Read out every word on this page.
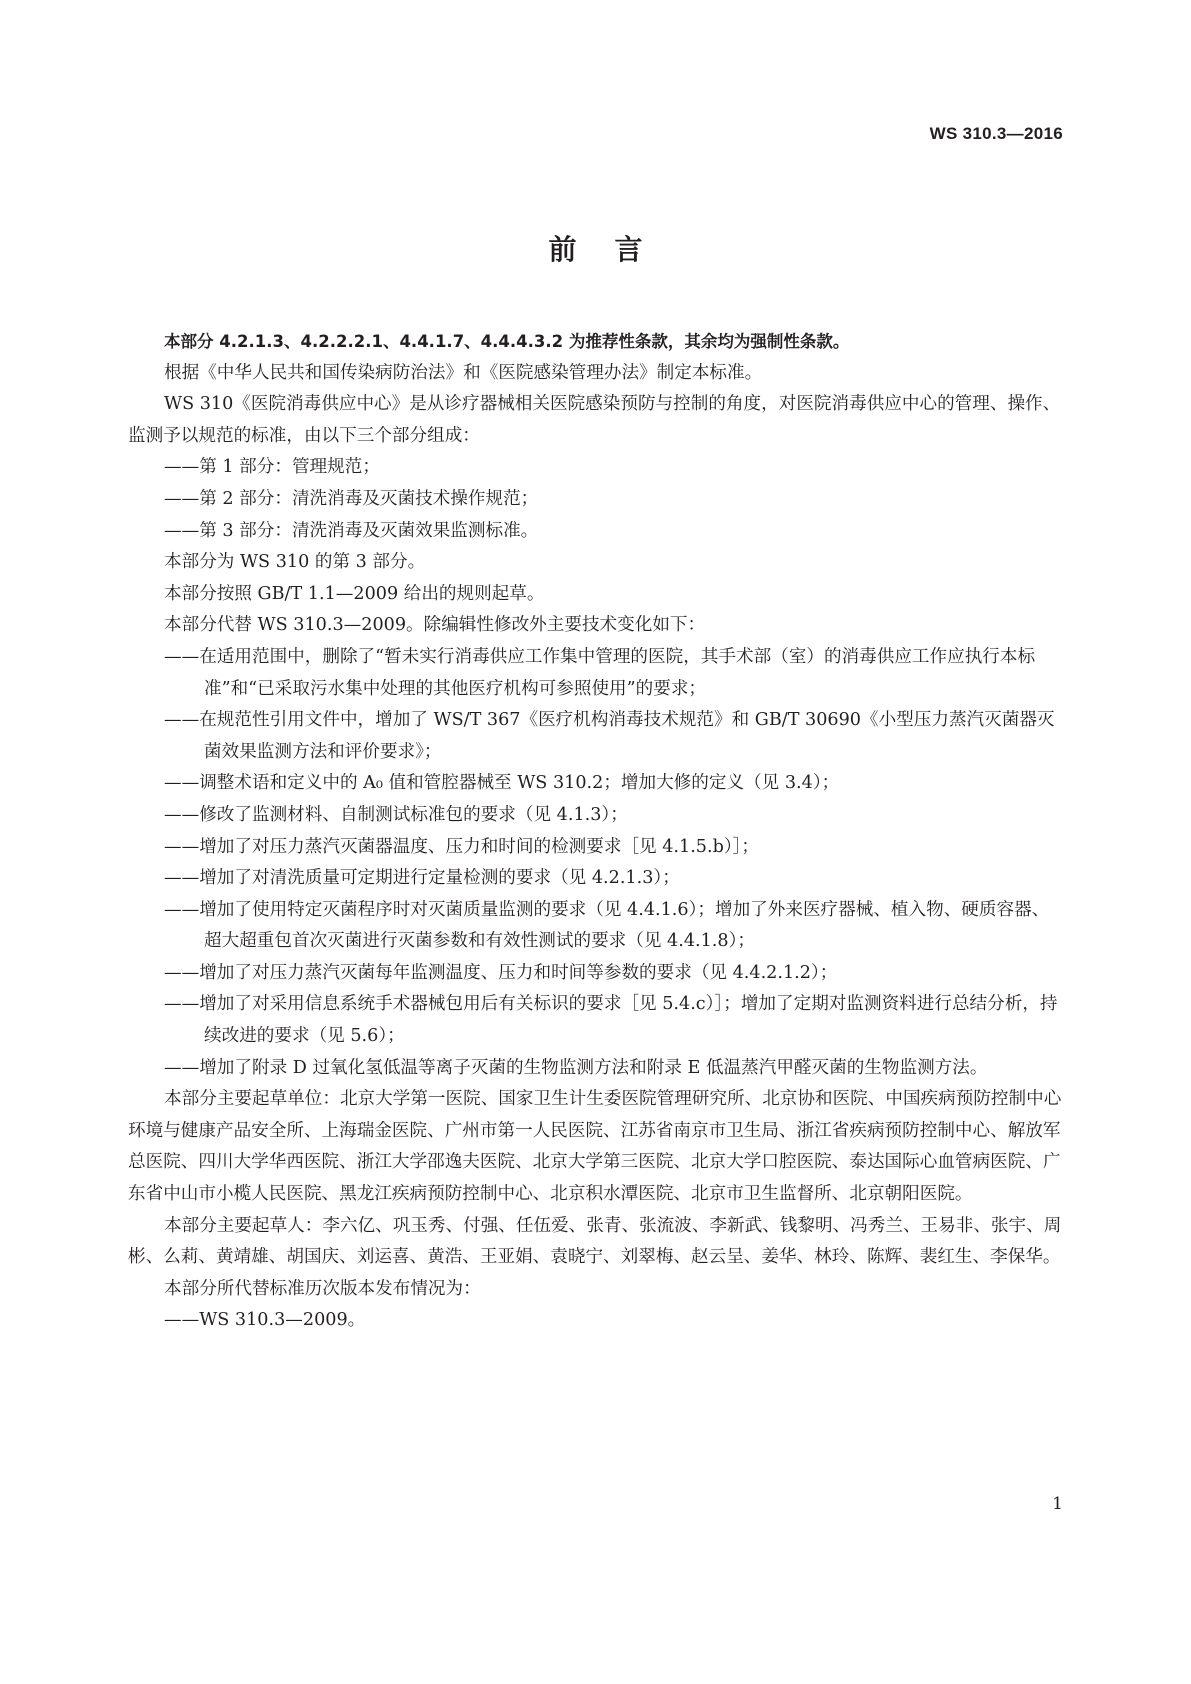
WS 310.3—2016
前言

本部分 4.2.1.3、4.2.2.2.1、4.4.1.7、4.4.4.3.2 为推荐性条款，其余均为强制性条款。

根据《中华人民共和国传染病防治法》和《医院感染管理办法》制定本标准。

WS 310《医院消毒供应中心》是从诊疗器械相关医院感染预防与控制的角度，对医院消毒供应中心的管理、操作、监测予以规范的标准，由以下三个部分组成：

——第 1 部分：管理规范；

——第 2 部分：清洗消毒及灭菌技术操作规范；

——第 3 部分：清洗消毒及灭菌效果监测标准。

本部分为 WS 310 的第 3 部分。

本部分按照 GB/T 1.1—2009 给出的规则起草。

本部分代替 WS 310.3—2009。除编辑性修改外主要技术变化如下：

——在适用范围中，删除了“暂未实行消毒供应工作集中管理的医院，其手术部（室）的消毒供应工作应执行本标准”和“已采取污水集中处理的其他医疗机构可参照使用”的要求；

——在规范性引用文件中，增加了 WS/T 367《医疗机构消毒技术规范》和 GB/T 30690《小型压力蒸汽灭菌器灭菌效果监测方法和评价要求》；

——调整术语和定义中的 A₀ 值和管腔器械至 WS 310.2；增加大修的定义（见 3.4）；

——修改了监测材料、自制测试标准包的要求（见 4.1.3）；

——增加了对压力蒸汽灭菌器温度、压力和时间的检测要求［见 4.1.5.b）］；

——增加了对清洗质量可定期进行定量检测的要求（见 4.2.1.3）；

——增加了使用特定灭菌程序时对灭菌质量监测的要求（见 4.4.1.6）；增加了外来医疗器械、植入物、硬质容器、超大超重包首次灭菌进行灭菌参数和有效性测试的要求（见 4.4.1.8）；

——增加了对压力蒸汽灭菌每年监测温度、压力和时间等参数的要求（见 4.4.2.1.2）；

——增加了对采用信息系统手术器械包用后有关标识的要求［见 5.4.c）］；增加了定期对监测资料进行总结分析，持续改进的要求（见 5.6）；

——增加了附录 D 过氧化氢低温等离子灭菌的生物监测方法和附录 E 低温蒸汽甲醛灭菌的生物监测方法。

本部分主要起草单位：北京大学第一医院、国家卫生计生委医院管理研究所、北京协和医院、中国疾病预防控制中心环境与健康产品安全所、上海瑞金医院、广州市第一人民医院、江苏省南京市卫生局、浙江省疾病预防控制中心、解放军总医院、四川大学华西医院、浙江大学邵逸夫医院、北京大学第三医院、北京大学口腔医院、泰达国际心血管病医院、广东省中山市小榄人民医院、黑龙江疾病预防控制中心、北京积水潭医院、北京市卫生监督所、北京朝阳医院。

本部分主要起草人：李六亿、巩玉秀、付强、任伍爱、张青、张流波、李新武、钱黎明、冯秀兰、王易非、张宇、周彬、么莉、黄靖雄、胡国庆、刘运喜、黄浩、王亚娟、袁晓宁、刘翠梅、赵云呈、姜华、林玲、陈辉、裴红生、李保华。

本部分所代替标准历次版本发布情况为：

——WS 310.3—2009。

1
